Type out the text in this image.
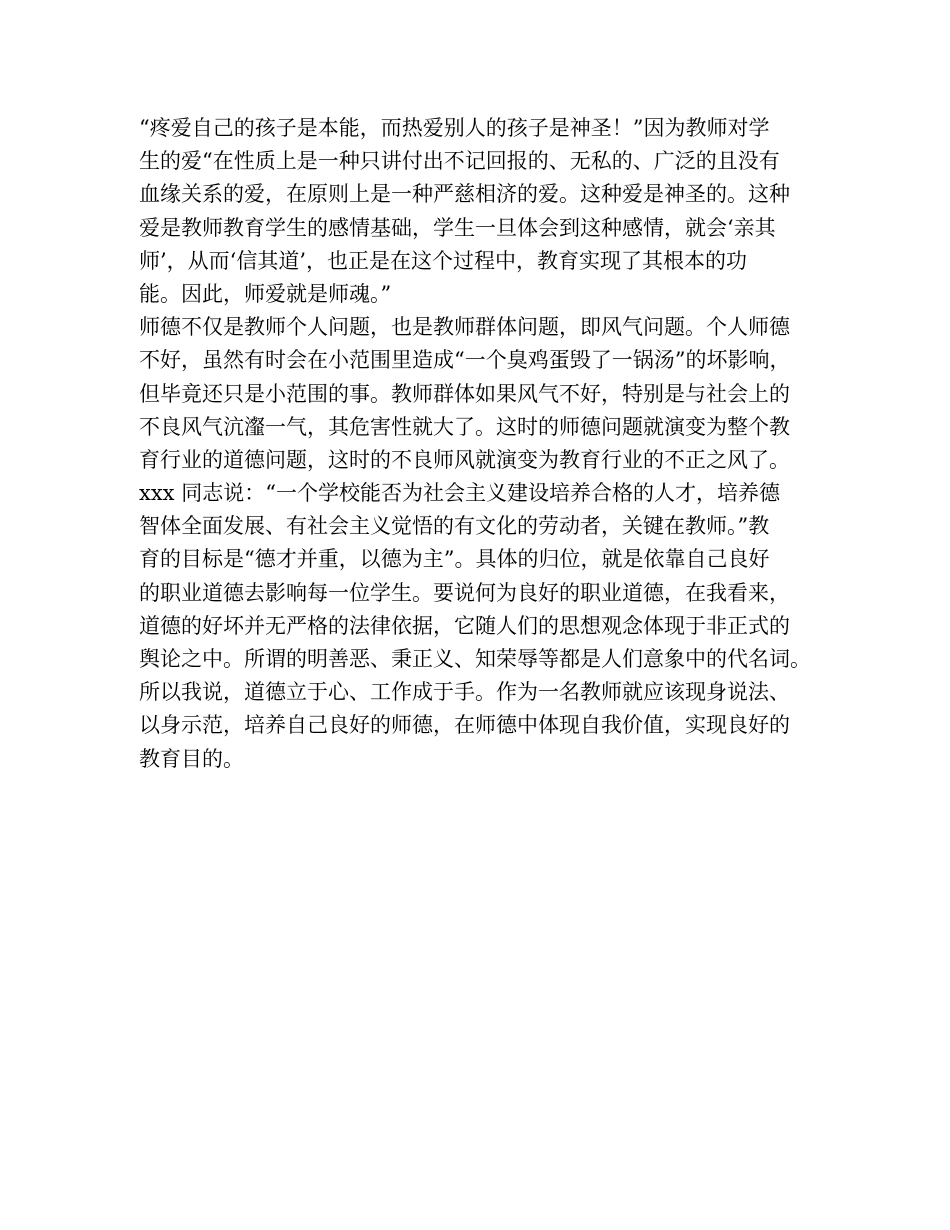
“疼爱自己的孩子是本能，而热爱别人的孩子是神圣！”因为教师对学
生的爱“在性质上是一种只讲付出不记回报的、无私的、广泛的且没有
血缘关系的爱，在原则上是一种严慈相济的爱。这种爱是神圣的。这种
爱是教师教育学生的感情基础，学生一旦体会到这种感情，就会‘亲其
师’，从而‘信其道’，也正是在这个过程中，教育实现了其根本的功
能。因此，师爱就是师魂。”

师德不仅是教师个人问题，也是教师群体问题，即风气问题。个人师德
不好，虽然有时会在小范围里造成“一个臭鸡蛋毁了一锅汤”的坏影响，
但毕竟还只是小范围的事。教师群体如果风气不好，特别是与社会上的
不良风气沆瀣一气，其危害性就大了。这时的师德问题就演变为整个教
育行业的道德问题，这时的不良师风就演变为教育行业的不正之风了。

xxx 同志说：“一个学校能否为社会主义建设培养合格的人才，培养德
智体全面发展、有社会主义觉悟的有文化的劳动者，关键在教师。”教
育的目标是“德才并重，以德为主”。具体的归位，就是依靠自己良好
的职业道德去影响每一位学生。要说何为良好的职业道德，在我看来，
道德的好坏并无严格的法律依据，它随人们的思想观念体现于非正式的
舆论之中。所谓的明善恶、秉正义、知荣辱等都是人们意象中的代名词。
所以我说，道德立于心、工作成于手。作为一名教师就应该现身说法、
以身示范，培养自己良好的师德，在师德中体现自我价值，实现良好的
教育目的。
